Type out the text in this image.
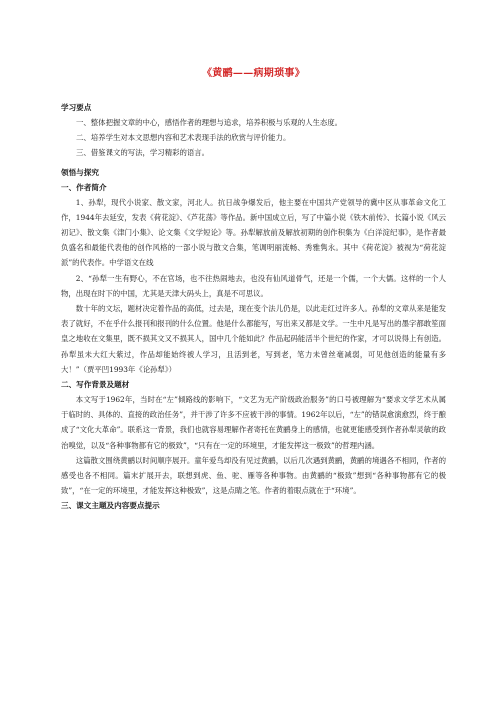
《黄鹂——病期琐事》
学习要点
一、整体把握文章的中心，感悟作者的理想与追求，培养积极与乐观的人生态度。
二、培养学生对本文思想内容和艺术表现手法的欣赏与评价能力。
三、借鉴课文的写法，学习精彩的语言。
领悟与探究
一、作者简介
1、孙犁，现代小说家、散文家，河北人。抗日战争爆发后，他主要在中国共产党领导的冀中区从事革命文化工作，1944年去延安，发表《荷花淀》、《芦花荡》等作品。新中国成立后，写了中篇小说《铁木前传》、长篇小说《风云初记》、散文集《津门小集》、论文集《文学短论》等。孙犁解放前及解放初期的创作积集为《白洋淀纪事》，是作者最负盛名和最能代表他的创作风格的一部小说与散文合集，笔调明丽流畅、秀雅隽永。其中《荷花淀》被视为“荷花淀派”的代表作。中学语文在线
2、“孙犁一生有野心，不在官场，也不往热闹地去，也没有仙风道骨气，还是一个儒，一个大儒。这样的一个人物，出现在时下的中国，尤其是天津大码头上，真是不可思议。
数十年的文坛，题材决定着作品的高低，过去是，现在变个法儿仍是，以此走红过许多人。孙犁的文章从来是能发表了就好，不在乎什么报刊和报刊的什么位置。他是什么都能写，写出来又都是文学。一生中凡是写出的墨字都敢笙面皇之地收在文集里，既不损其文又不损其人，国中几个能如此？作品起码能活半个世纪的作家，才可以说得上有创造。孙犁虽未大红大紫过，作品却能始终被人学习，且活到老，写到老，笔力未曾丝毫减弱，可见他创造的能量有多大！”（贾平凹1993年《论孙犁》）
二、写作背景及题材
本文写于1962年，当时在“左”倾路线的影响下，“文艺为无产阶级政治服务”的口号被理解为“要求文学艺术从属于临时的、具体的、直接的政治任务”，并干涉了许多不应被干涉的事情。1962年以后，“左”的错误愈演愈烈，终于酿成了“文化大革命”。联系这一背景，我们也就容易理解作者寄托在黄鹂身上的感情，也就更能感受到作者孙犁灵敏的政治嗅觉，以及“各种事物都有它的极致”，“只有在一定的环境里，才能发挥这一极致”的哲理内涵。
这篇散文围绕黄鹂以时间顺序展开。童年爱鸟却没有见过黄鹂，以后几次遇到黄鹂，黄鹂的境遇各不相同，作者的感受也各不相同。篇末扩展开去，联想到虎、鱼、驼、雁等各种事物。由黄鹂的“极致”想到“各种事物都有它的极致”，“在一定的环境里，才能发挥这种极致”，这是点睛之笔。作者的着眼点就在于“环境”。
三、课文主题及内容要点提示
